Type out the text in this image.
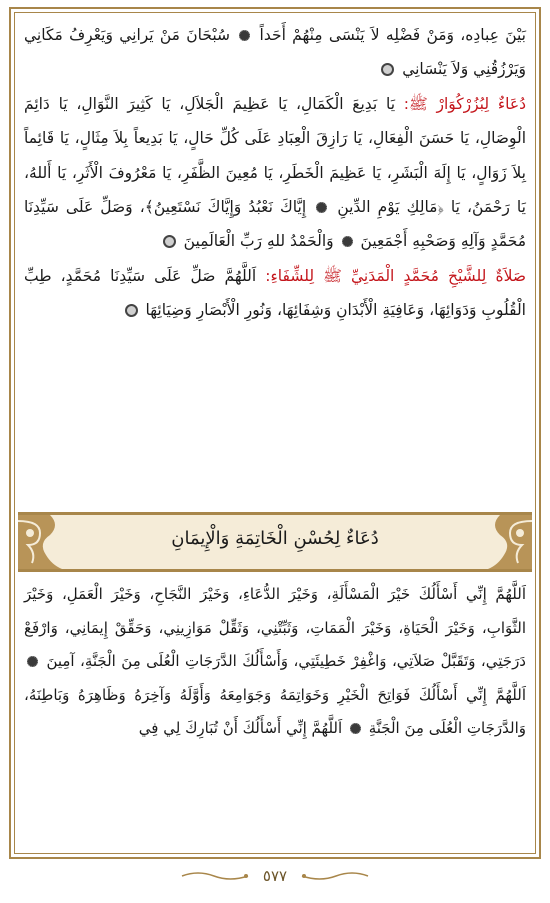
بَيْنَ عِبادِه، وَمَنْ فَضْلِه لاَ يَنْسَى مِنْهُمْ أَحَداً  سُبْحَانَ مَنْ يَرانِي وَيَعْرِفُ مَكَانِي وَيَرْزُقُنِي وَلاَ يَنْسَانِي
دُعَاءٌ لِبُزُرْكُوَارْ ﷺ: يَا بَدِيعَ الْكَمَالِ، يَا عَظِيمَ الْجَلاَلِ، يَا كَثِيرَ النَّوَالِ، يَا دَائِمَ الْوِصَالِ، يَا حَسَنَ الْفِعَالِ، يَا رَازِقَ الْعِبَادِ عَلَى كُلِّ حَالٍ، يَا بَدِيعاً بِلاَ مِثَالٍ، يَا قَائِماً بِلاَ زَوَالٍ، يَا إِلَهَ الْبَشَرِ، يَا عَظِيمَ الْخَطَرِ، يَا مُعِينَ الظَّفَرِ، يَا مَعْرُوفَ الْأَثَرِ، يَا أَللهُ، يَا رَحْمَنُ، يَا ﴿مَالِكِ يَوْمِ الدِّينِ  إِيَّاكَ نَعْبُدُ وَإِيَّاكَ نَسْتَعِينُ﴾، وَصَلِّ عَلَى سَيِّدِنَا مُحَمَّدٍ وَآلِهِ وَصَحْبِهِ أَجْمَعِينَ  وَالْحَمْدُ للهِ رَبِّ الْعَالَمِينَ
صَلاَةٌ لِلشَّيْخِ مُحَمَّدٍ الْمَدَنِيِّ ﷺ لِلشِّفَاءِ: اَللَّهُمَّ صَلِّ عَلَى سَيِّدِنَا مُحَمَّدٍ، طِبِّ الْقُلُوبِ وَدَوَائِهَا، وَعَافِيَةِ الْأَبْدَانِ وَشِفَائِهَا، وَنُورِ الْأَبْصَارِ وَضِيَائِهَا
دُعَاءٌ لِحُسْنِ الْخَاتِمَةِ وَالْإِيمَانِ
اَللَّهُمَّ إِنِّي أَسْأَلُكَ خَيْرَ الْمَسْأَلَةِ، وَخَيْرَ الدُّعَاءِ، وَخَيْرَ النَّجَاحِ، وَخَيْرَ الْعَمَلِ، وَخَيْرَ الثَّوَابِ، وَخَيْرَ الْحَيَاةِ، وَخَيْرَ الْمَمَاتِ، وَثَبِّتْنِي، وَثَقِّلْ مَوَازِينِي، وَحَقِّقْ إِيمَانِي، وَارْفَعْ دَرَجَتِي، وَتَقَبَّلْ صَلاَتِي، وَاغْفِرْ خَطِيئَتِي، وَأَسْأَلُكَ الدَّرَجَاتِ الْعُلَى مِنَ الْجَنَّةِ، آمِينَ  اَللَّهُمَّ إِنِّي أَسْأَلُكَ فَوَاتِحَ الْخَيْرِ وَخَوَاتِمَهُ وَجَوَامِعَهُ وَأَوَّلَهُ وَآخِرَهُ وَظَاهِرَهُ وَبَاطِنَهُ، وَالدَّرَجَاتِ الْعُلَى مِنَ الْجَنَّةِ  اَللَّهُمَّ إِنِّي أَسْأَلُكَ أَنْ تُبَارِكَ لِي فِي
٥٧٧
